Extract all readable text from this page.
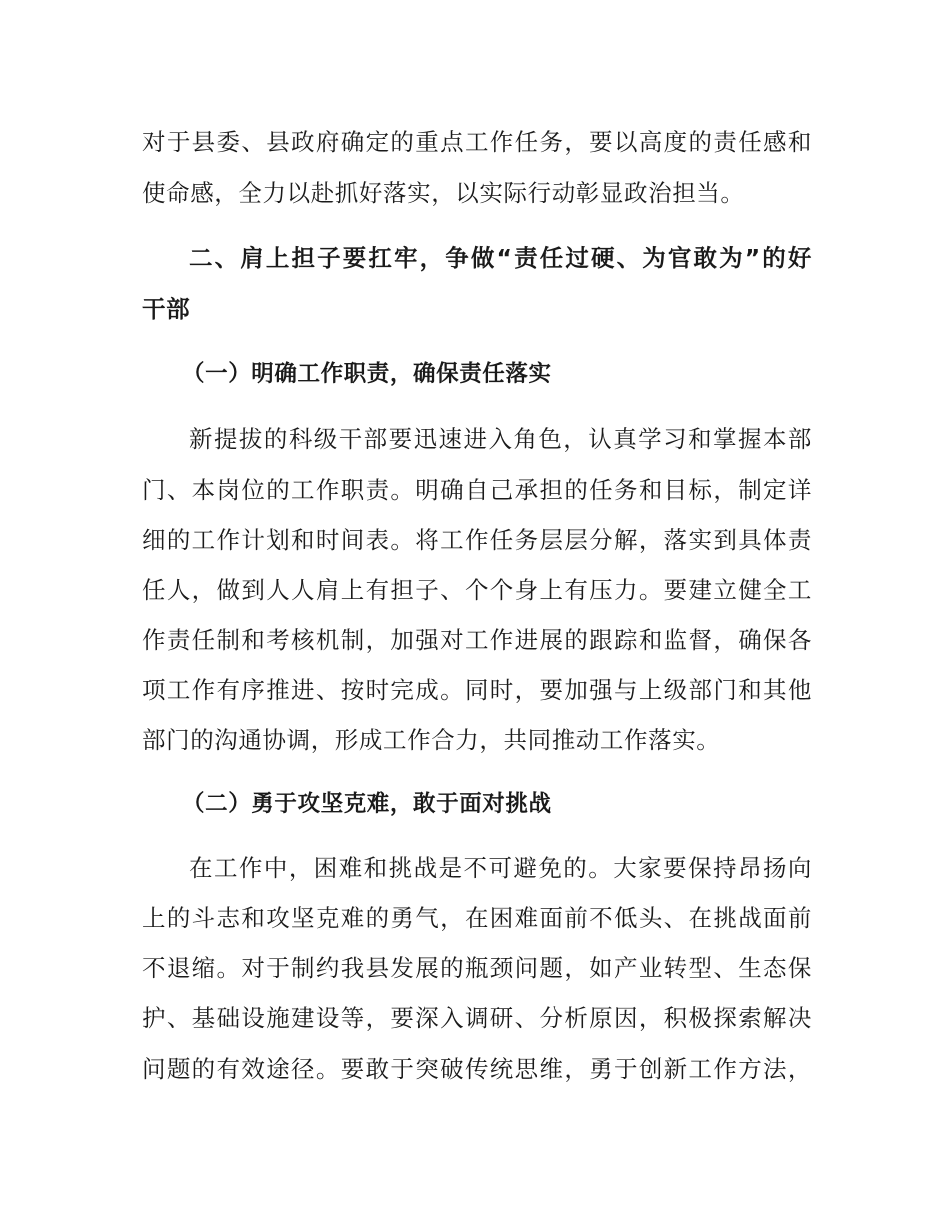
对于县委、县政府确定的重点工作任务，要以高度的责任感和
使命感，全力以赴抓好落实，以实际行动彰显政治担当。
二、肩上担子要扛牢，争做“责任过硬、为官敢为”的好
干部
（一）明确工作职责，确保责任落实
新提拔的科级干部要迅速进入角色，认真学习和掌握本部
门、本岗位的工作职责。明确自己承担的任务和目标，制定详
细的工作计划和时间表。将工作任务层层分解，落实到具体责
任人，做到人人肩上有担子、个个身上有压力。要建立健全工
作责任制和考核机制，加强对工作进展的跟踪和监督，确保各
项工作有序推进、按时完成。同时，要加强与上级部门和其他
部门的沟通协调，形成工作合力，共同推动工作落实。
（二）勇于攻坚克难，敢于面对挑战
在工作中，困难和挑战是不可避免的。大家要保持昂扬向
上的斗志和攻坚克难的勇气，在困难面前不低头、在挑战面前
不退缩。对于制约我县发展的瓶颈问题，如产业转型、生态保
护、基础设施建设等，要深入调研、分析原因，积极探索解决
问题的有效途径。要敢于突破传统思维，勇于创新工作方法，
